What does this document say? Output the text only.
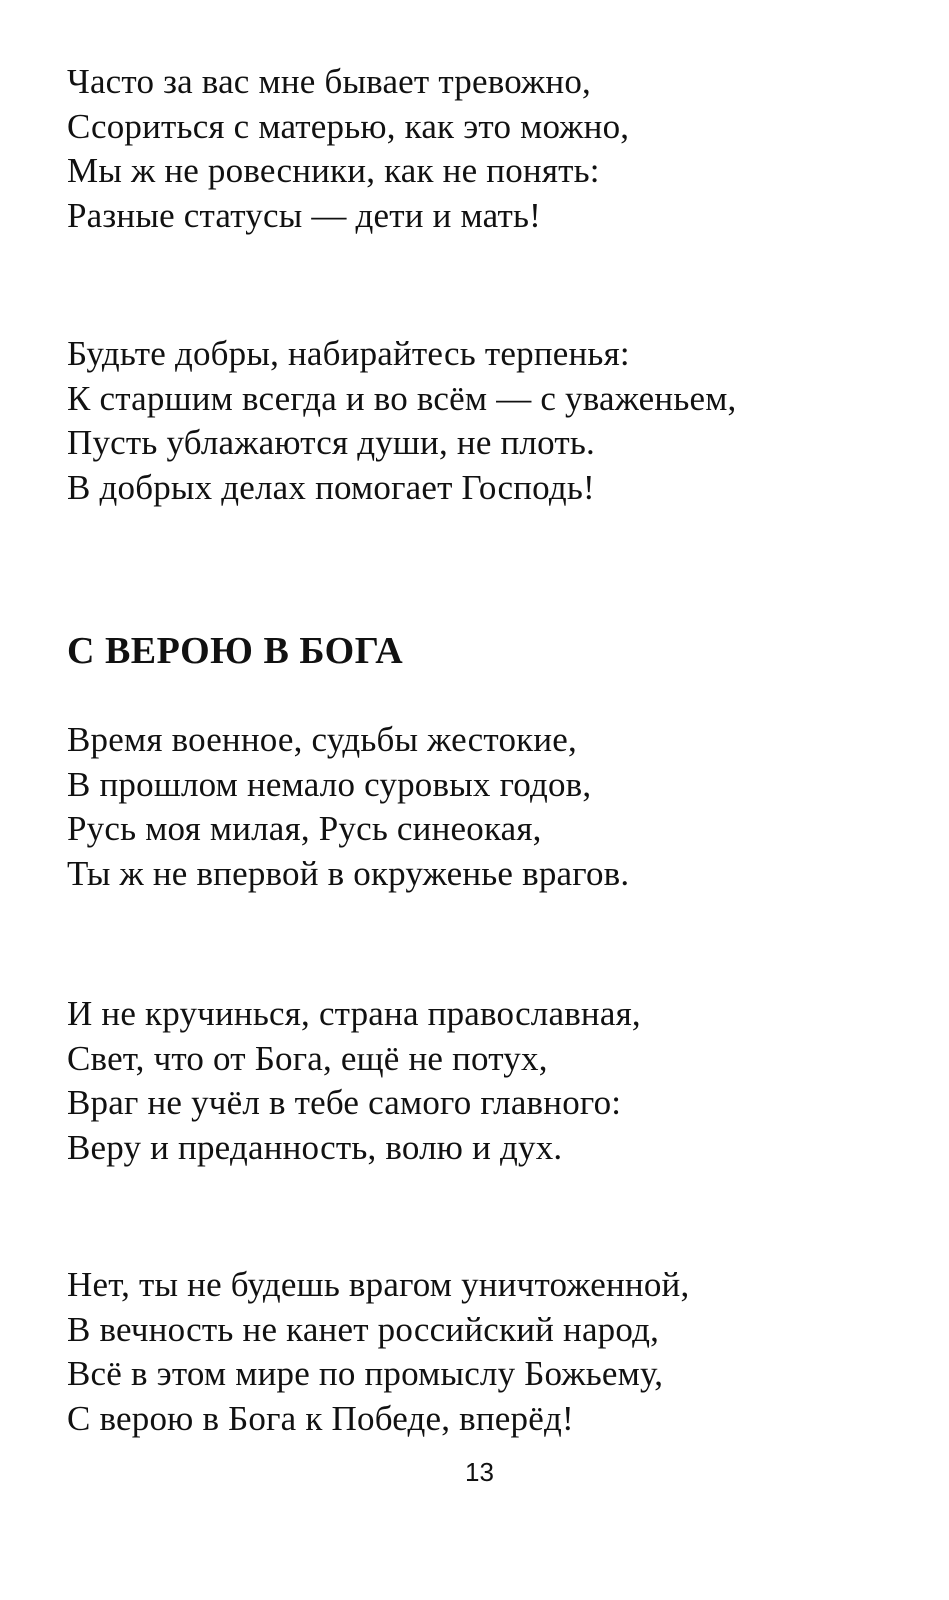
Часто за вас мне бывает тревожно,
Ссориться с матерью, как это можно,
Мы ж не ровесники, как не понять:
Разные статусы — дети и мать!

Будьте добры, набирайтесь терпенья:
К старшим всегда и во всём — с уваженьем,
Пусть ублажаются души, не плоть.
В добрых делах помогает Господь!

С ВЕРОЮ В БОГА

Время военное, судьбы жестокие,
В прошлом немало суровых годов,
Русь моя милая, Русь синеокая,
Ты ж не впервой в окруженье врагов.

И не кручинься, страна православная,
Свет, что от Бога, ещё не потух,
Враг не учёл в тебе самого главного:
Веру и преданность, волю и дух.

Нет, ты не будешь врагом уничтоженной,
В вечность не канет российский народ,
Всё в этом мире по промыслу Божьему,
С верою в Бога к Победе, вперёд!

13
